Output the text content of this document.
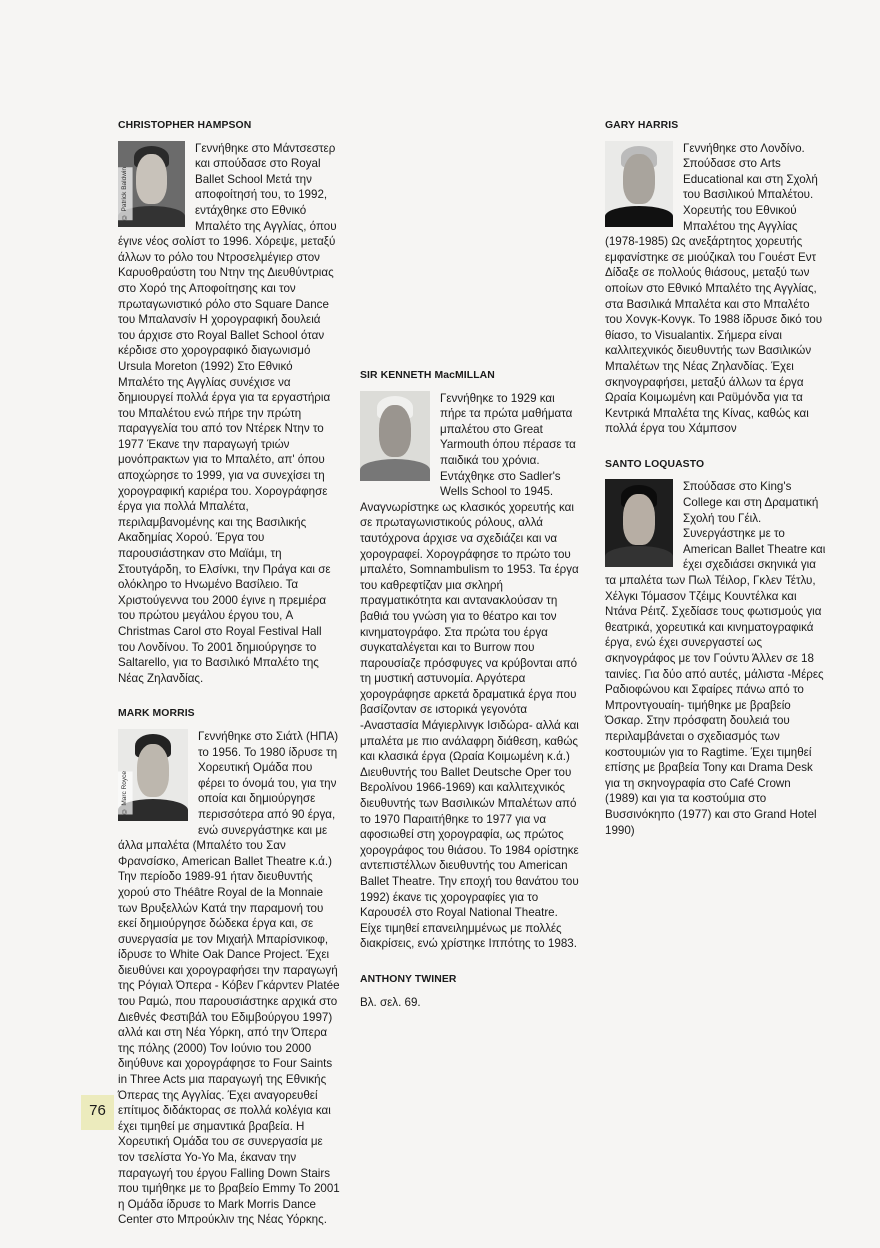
CHRISTOPHER HAMPSON
© Patrick Baldwin

Γεννήθηκε στο Μάντσεστερ και σπούδασε στο Royal Ballet School Μετά την αποφοίτησή του, το 1992, εντάχθηκε στο Εθνικό Μπαλέτο της Αγγλίας, όπου έγινε νέος σολίστ το 1996. Χόρεψε, μεταξύ άλλων το ρόλο του Ντροσελμέγιερ στον Καρυοθραύστη του Ντην της Διευθύντριας στο Χορό της Αποφοίτησης και τον πρωταγωνιστικό ρόλο στο Square Dance του Μπαλανσίν Η χορογραφική δουλειά του άρχισε στο Royal Ballet School όταν κέρδισε στο χορογραφικό διαγωνισμό Ursula Moreton (1992) Στο Εθνικό Μπαλέτο της Αγγλίας συνέχισε να δημιουργεί πολλά έργα για τα εργαστήρια του Μπαλέτου ενώ πήρε την πρώτη παραγγελία του από τον Ντέρεκ Ντην το 1977 Έκανε την παραγωγή τριών μονόπρακτων για το Μπαλέτο, απ' όπου αποχώρησε το 1999, για να συνεχίσει τη χορογραφική καριέρα του. Χορογράφησε έργα για πολλά Μπαλέτα, περιλαμβανομένης και της Βασιλικής Ακαδημίας Χορού. Έργα του παρουσιάστηκαν στο Μαϊάμι, τη Στουτγάρδη, το Ελσίνκι, την Πράγα και σε ολόκληρο το Ηνωμένο Βασίλειο. Τα Χριστούγεννα του 2000 έγινε η πρεμιέρα του πρώτου μεγάλου έργου του, A Christmas Carol στο Royal Festival Hall του Λονδίνου. Το 2001 δημιούργησε το Saltarello, για το Βασιλικό Μπαλέτο της Νέας Ζηλανδίας.

MARK MORRIS
© Marc Royce

Γεννήθηκε στο Σιάτλ (ΗΠΑ) το 1956. Το 1980 ίδρυσε τη Χορευτική Ομάδα που φέρει το όνομά του, για την οποία και δημιούργησε περισσότερα από 90 έργα, ενώ συνεργάστηκε και με άλλα μπαλέτα (Μπαλέτο του Σαν Φρανσίσκο, American Ballet Theatre κ.ά.) Την περίοδο 1989-91 ήταν διευθυντής χορού στο Théâtre Royal de la Monnaie των Βρυξελλών Κατά την παραμονή του εκεί δημιούργησε δώδεκα έργα και, σε συνεργασία με τον Μιχαήλ Μπαρίσνικοφ, ίδρυσε το White Oak Dance Project. Έχει διευθύνει και χορογραφήσει την παραγωγή της Ρόγιαλ Όπερα - Κόβεν Γκάρντεν Platée του Ραμώ, που παρουσιάστηκε αρχικά στο Διεθνές Φεστιβάλ του Εδιμβούργου 1997) αλλά και στη Νέα Υόρκη, από την Όπερα της πόλης (2000) Τον Ιούνιο του 2000 διηύθυνε και χορογράφησε το Four Saints in Three Acts μια παραγωγή της Εθνικής Όπερας της Αγγλίας. Έχει αναγορευθεί επίτιμος διδάκτορας σε πολλά κολέγια και έχει τιμηθεί με σημαντικά βραβεία. Η Χορευτική Ομάδα του σε συνεργασία με τον τσελίστα Yo-Yo Ma, έκαναν την παραγωγή του έργου Falling Down Stairs που τιμήθηκε με το βραβείο Emmy Το 2001 η Ομάδα ίδρυσε το Mark Morris Dance Center στο Μπρούκλιν της Νέας Υόρκης.

SIR KENNETH MacMILLAN

Γεννήθηκε το 1929 και πήρε τα πρώτα μαθήματα μπαλέτου στο Great Yarmouth όπου πέρασε τα παιδικά του χρόνια. Εντάχθηκε στο Sadler's Wells School το 1945. Αναγνωρίστηκε ως κλασικός χορευτής και σε πρωταγωνιστικούς ρόλους, αλλά ταυτόχρονα άρχισε να σχεδιάζει και να χορογραφεί. Χορογράφησε το πρώτο του μπαλέτο, Somnambulism το 1953. Τα έργα του καθρεφτίζαν μια σκληρή πραγματικότητα και αντανακλούσαν τη βαθιά του γνώση για το θέατρο και τον κινηματογράφο. Στα πρώτα του έργα συγκαταλέγεται και το Burrow που παρουσίαζε πρόσφυγες να κρύβονται από τη μυστική αστυνομία. Αργότερα χορογράφησε αρκετά δραματικά έργα που βασίζονταν σε ιστορικά γεγονότα -Αναστασία Μάγιερλινγκ Ισιδώρα- αλλά και μπαλέτα με πιο ανάλαφρη διάθεση, καθώς και κλασικά έργα (Ωραία Κοιμωμένη κ.ά.) Διευθυντής του Ballet Deutsche Oper του Βερολίνου 1966-1969) και καλλιτεχνικός διευθυντής των Βασιλικών Μπαλέτων από το 1970 Παραιτήθηκε το 1977 για να αφοσιωθεί στη χορογραφία, ως πρώτος χορογράφος του θιάσου. Το 1984 ορίστηκε αντεπιστέλλων διευθυντής του American Ballet Theatre. Την εποχή του θανάτου του 1992) έκανε τις χορογραφίες για το Καρουσέλ στο Royal National Theatre. Είχε τιμηθεί επανειλημμένως με πολλές διακρίσεις, ενώ χρίστηκε Ιππότης το 1983.

ANTHONY TWINER

Βλ. σελ. 69.

GARY HARRIS

Γεννήθηκε στο Λονδίνο. Σπούδασε στο Arts Educational και στη Σχολή του Βασιλικού Μπαλέτου. Χορευτής του Εθνικού Μπαλέτου της Αγγλίας (1978-1985) Ως ανεξάρτητος χορευτής εμφανίστηκε σε μιούζικαλ του Γουέστ Εντ Δίδαξε σε πολλούς θιάσους, μεταξύ των οποίων στο Εθνικό Μπαλέτο της Αγγλίας, στα Βασιλικά Μπαλέτα και στο Μπαλέτο του Χονγκ-Κονγκ. Το 1988 ίδρυσε δικό του θίασο, το Visualantix. Σήμερα είναι καλλιτεχνικός διευθυντής των Βασιλικών Μπαλέτων της Νέας Ζηλανδίας. Έχει σκηνογραφήσει, μεταξύ άλλων τα έργα Ωραία Κοιμωμένη και Ραϋμόνδα για τα Κεντρικά Μπαλέτα της Κίνας, καθώς και πολλά έργα του Χάμπσον

SANTO LOQUASTO

Σπούδασε στο King's College και στη Δραματική Σχολή του Γέιλ. Συνεργάστηκε με το American Ballet Theatre και έχει σχεδιάσει σκηνικά για τα μπαλέτα των Πωλ Τέιλορ, Γκλεν Τέτλυ, Χέλγκι Τόμασον Τζέιμς Κουντέλκα και Ντάνα Ρέιτζ. Σχεδίασε τους φωτισμούς για θεατρικά, χορευτικά και κινηματογραφικά έργα, ενώ έχει συνεργαστεί ως σκηνογράφος με τον Γούντυ Άλλεν σε 18 ταινίες. Για δύο από αυτές, μάλιστα -Μέρες Ραδιοφώνου και Σφαίρες πάνω από το Μπροντγουαίη- τιμήθηκε με βραβείο Όσκαρ. Στην πρόσφατη δουλειά του περιλαμβάνεται ο σχεδιασμός των κοστουμιών για το Ragtime. Έχει τιμηθεί επίσης με βραβεία Tony και Drama Desk για τη σκηνογραφία στο Café Crown (1989) και για τα κοστούμια στο Βυσσινόκηπο (1977) και στο Grand Hotel 1990)

76
